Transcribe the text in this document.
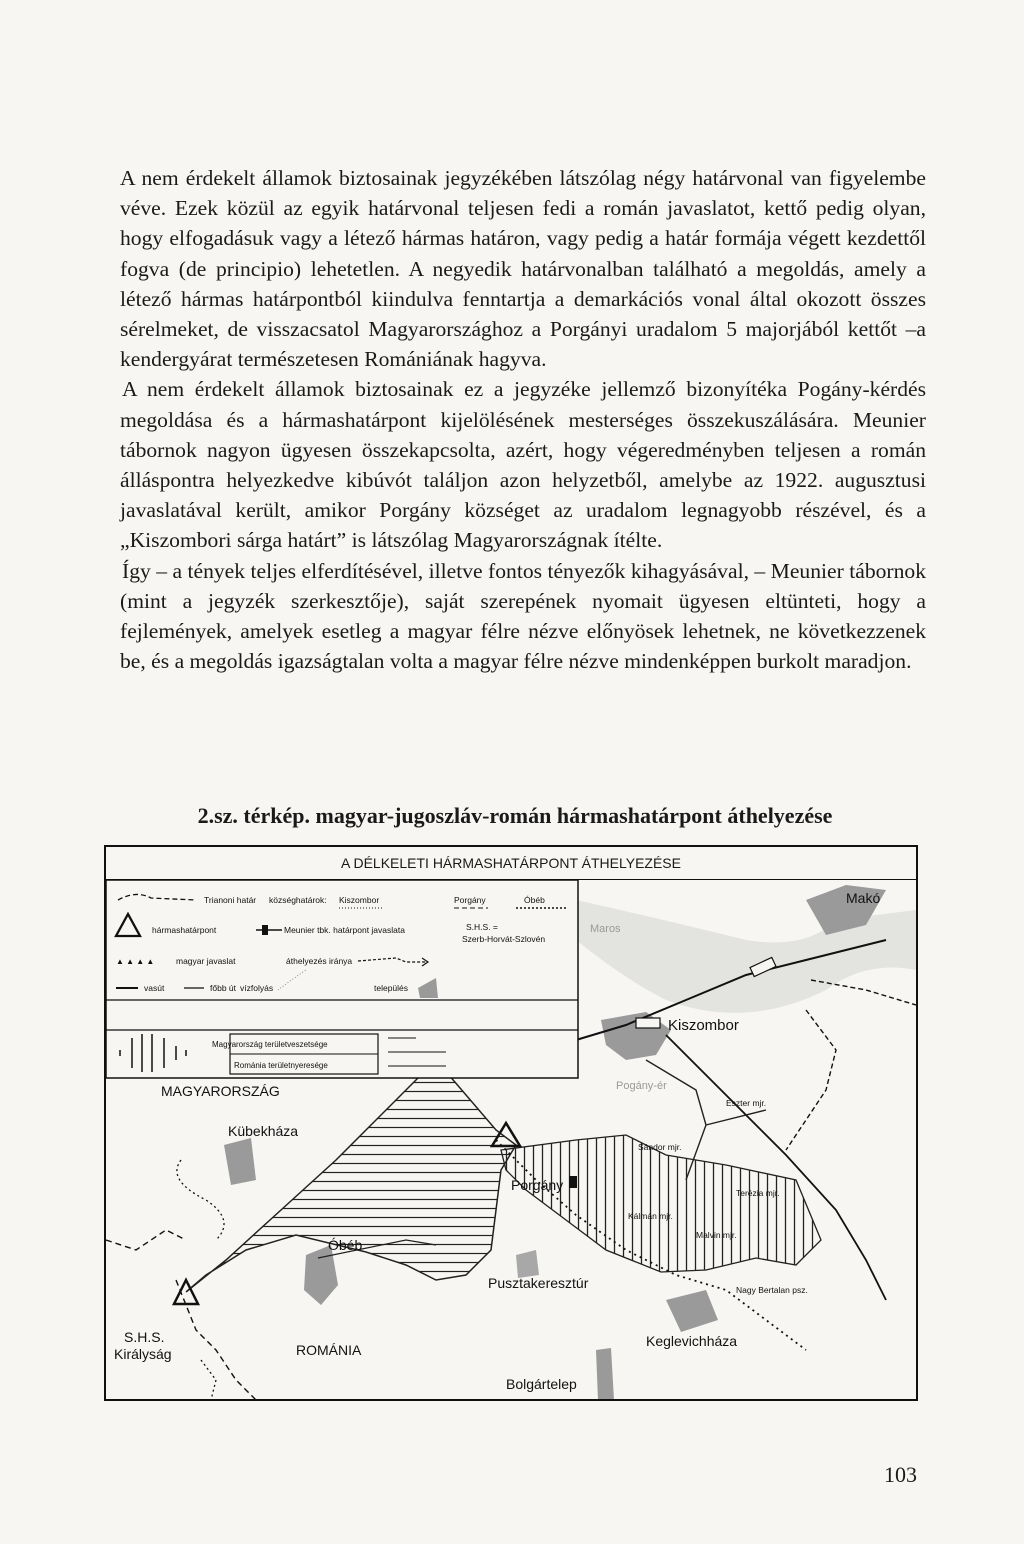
A nem érdekelt államok biztosainak jegyzékében látszólag négy határvonal van figyelembe véve. Ezek közül az egyik határvonal teljesen fedi a román javaslatot, kettő pedig olyan, hogy elfogadásuk vagy a létező hármas határon, vagy pedig a határ formája végett kezdettől fogva (de principio) lehetetlen. A negyedik határvonalban található a megoldás, amely a létező hármas határpontból kiindulva fenntartja a demarkációs vonal által okozott összes sérelmeket, de visszacsatol Magyarországhoz a Porgányi uradalom 5 majorjából kettőt –a kendergyárat természetesen Romániának hagyva.

A nem érdekelt államok biztosainak ez a jegyzéke jellemző bizonyítéka Pogány-kérdés megoldása és a hármashatárpont kijelölésének mesterséges összekuszálására. Meunier tábornok nagyon ügyesen összekapcsolta, azért, hogy végeredményben teljesen a román álláspontra helyezkedve kibúvót találjon azon helyzetből, amelybe az 1922. augusztusi javaslatával került, amikor Porgány községet az uradalom legnagyobb részével, és a „Kiszombori sárga határt” is látszólag Magyarországnak ítélte.

Így – a tények teljes elferdítésével, illetve fontos tényezők kihagyásával, – Meunier tábornok (mint a jegyzék szerkesztője), saját szerepének nyomait ügyesen eltünteti, hogy a fejlemények, amelyek esetleg a magyar félre nézve előnyösek lehetnek, ne következzenek be, és a megoldás igazságtalan volta a magyar félre nézve mindenképpen burkolt maradjon.

2.sz. térkép. magyar-jugoszláv-román hármashatárpont áthelyezése
A DÉLKELETI HÁRMASHATÁRPONT ÁTHELYEZÉSE
Trianoni határ községhatárok: Kiszombor	Porgány	Óbéb
hármashatárpont	Meunier tbk. határpont javaslata	S.H.S. =
Szerb-Horvát-Szlovén
▲ ▲ ▲ ▲	magyar javaslat	áthelyezés iránya
vasút	főbb út vízfolyás	település
Magyarország területveszetsége
Románia területnyeresége
Makó
Maros
Kiszombor
Pogány-ér
Eszter mjr.
Sándor mjr.
Terézia mjr.
Kálmán mjr.
Malvin mjr.
Nagy Bertalan psz.
MAGYARORSZÁG
Kübekháza
Porgány
Óbéb
Pusztakeresztúr
S.H.S.
Királyság	ROMÁNIA
Keglevichháza
Bolgártelep
103
